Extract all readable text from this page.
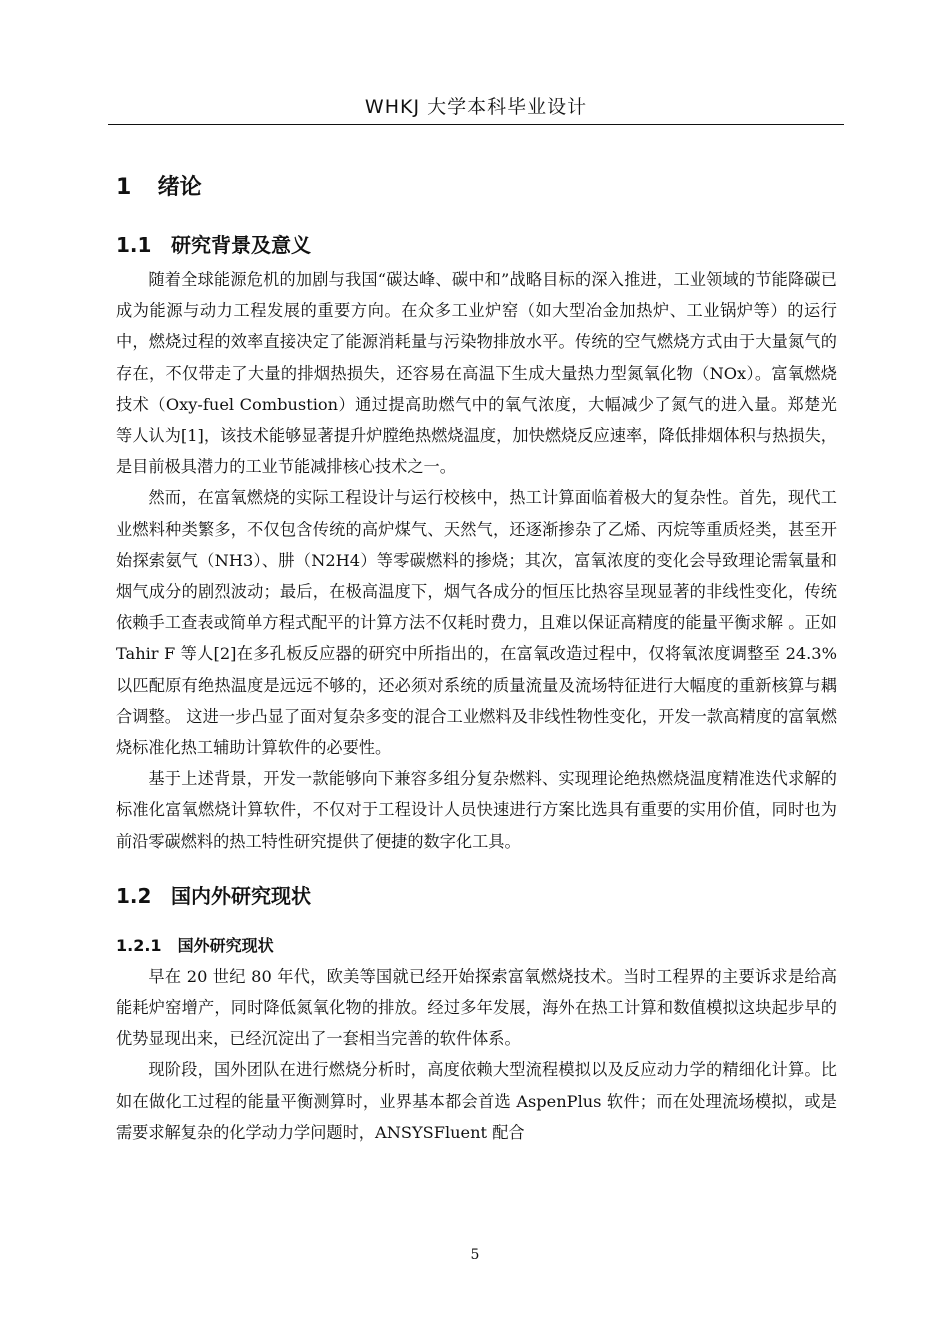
WHKJ 大学本科毕业设计
1 绪论
1.1 研究背景及意义

随着全球能源危机的加剧与我国“碳达峰、碳中和”战略目标的深入推进，工业领域的节能降碳已成为能源与动力工程发展的重要方向。在众多工业炉窑（如大型冶金加热炉、工业锅炉等）的运行中，燃烧过程的效率直接决定了能源消耗量与污染物排放水平。传统的空气燃烧方式由于大量氮气的存在，不仅带走了大量的排烟热损失，还容易在高温下生成大量热力型氮氧化物（NOx）。富氧燃烧技术（Oxy-fuel Combustion）通过提高助燃气中的氧气浓度，大幅减少了氮气的进入量。郑楚光等人认为[1]，该技术能够显著提升炉膛绝热燃烧温度，加快燃烧反应速率，降低排烟体积与热损失，是目前极具潜力的工业节能减排核心技术之一。

然而，在富氧燃烧的实际工程设计与运行校核中，热工计算面临着极大的复杂性。首先，现代工业燃料种类繁多，不仅包含传统的高炉煤气、天然气，还逐渐掺杂了乙烯、丙烷等重质烃类，甚至开始探索氨气（NH3）、肼（N2H4）等零碳燃料的掺烧；其次，富氧浓度的变化会导致理论需氧量和烟气成分的剧烈波动；最后，在极高温度下，烟气各成分的恒压比热容呈现显著的非线性变化，传统依赖手工查表或简单方程式配平的计算方法不仅耗时费力，且难以保证高精度的能量平衡求解 。正如 Tahir F 等人[2]在多孔板反应器的研究中所指出的，在富氧改造过程中，仅将氧浓度调整至 24.3%以匹配原有绝热温度是远远不够的，还必须对系统的质量流量及流场特征进行大幅度的重新核算与耦合调整。 这进一步凸显了面对复杂多变的混合工业燃料及非线性物性变化，开发一款高精度的富氧燃烧标准化热工辅助计算软件的必要性。

基于上述背景，开发一款能够向下兼容多组分复杂燃料、实现理论绝热燃烧温度精准迭代求解的标准化富氧燃烧计算软件，不仅对于工程设计人员快速进行方案比选具有重要的实用价值，同时也为前沿零碳燃料的热工特性研究提供了便捷的数字化工具。

1.2 国内外研究现状
1.2.1 国外研究现状

早在 20 世纪 80 年代，欧美等国就已经开始探索富氧燃烧技术。当时工程界的主要诉求是给高能耗炉窑增产，同时降低氮氧化物的排放。经过多年发展，海外在热工计算和数值模拟这块起步早的优势显现出来，已经沉淀出了一套相当完善的软件体系。

现阶段，国外团队在进行燃烧分析时，高度依赖大型流程模拟以及反应动力学的精细化计算。比如在做化工过程的能量平衡测算时，业界基本都会首选 AspenPlus 软件；而在处理流场模拟，或是需要求解复杂的化学动力学问题时，ANSYSFluent 配合

5
